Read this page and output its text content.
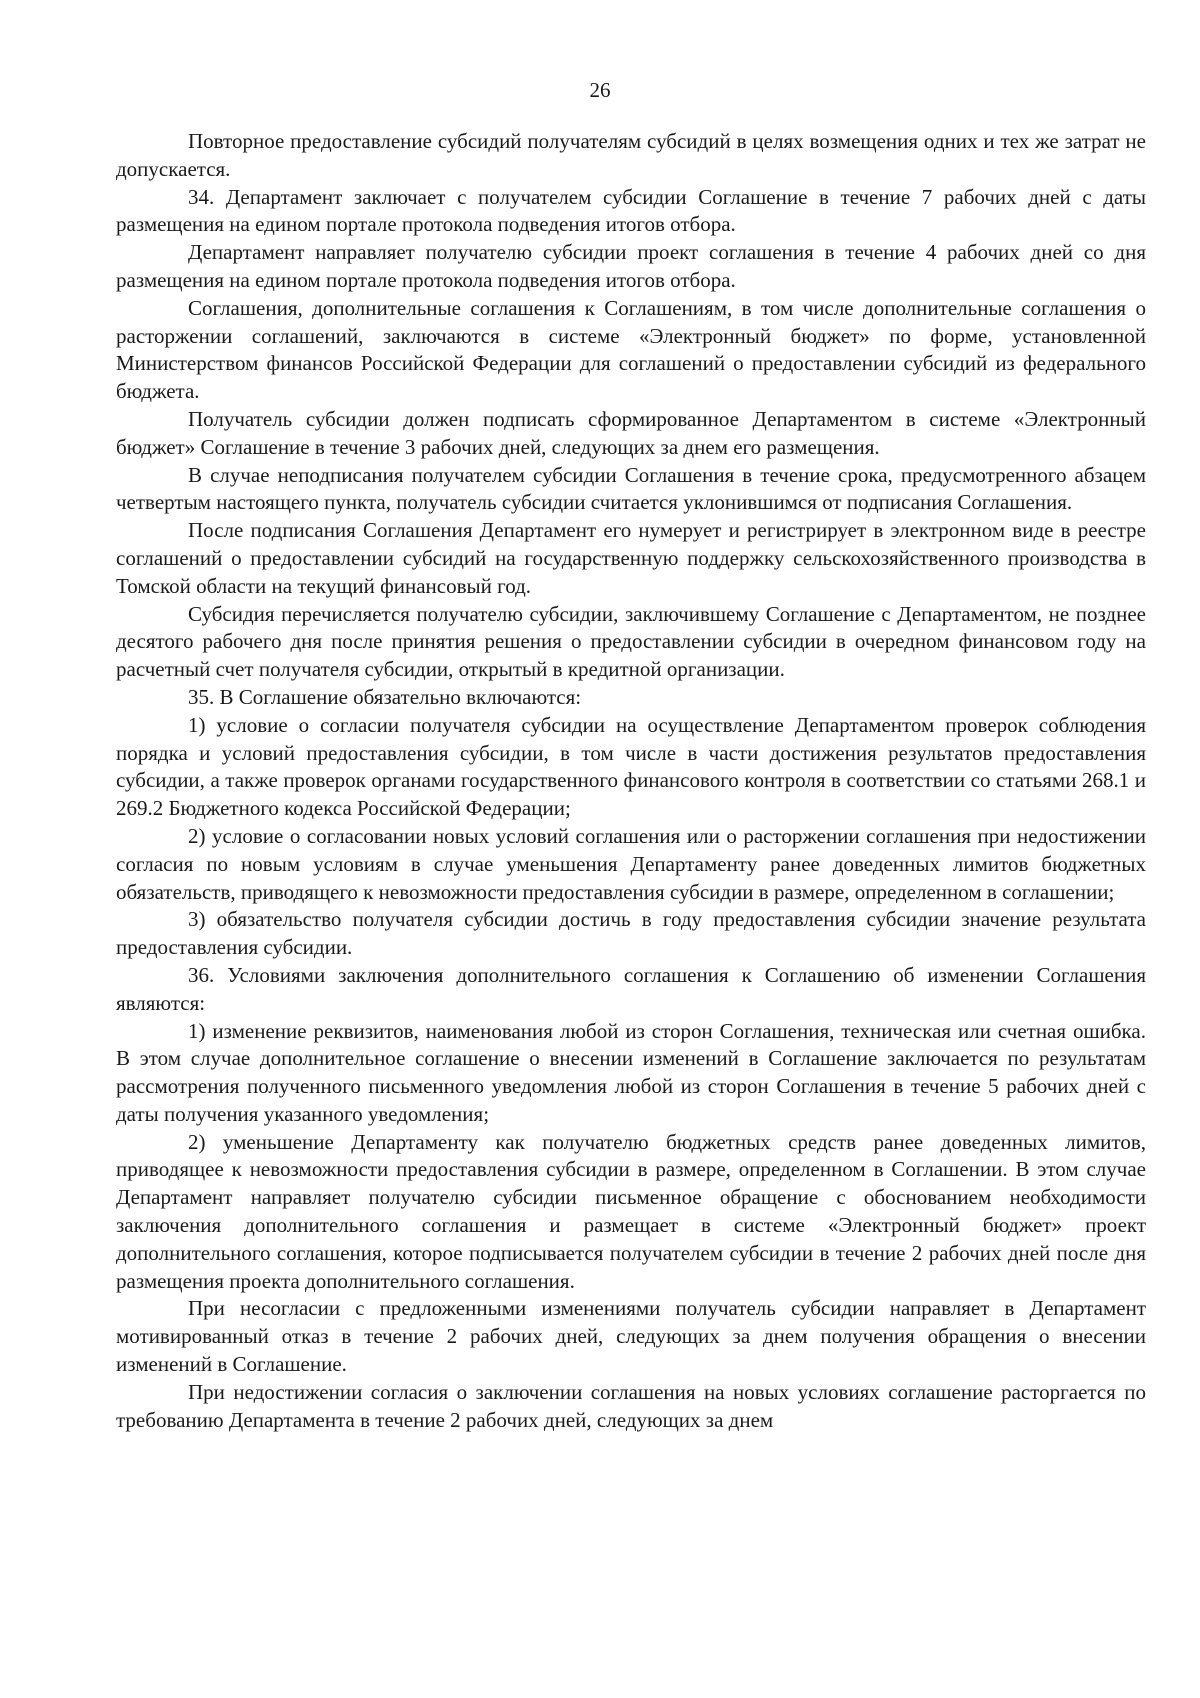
26

Повторное предоставление субсидий получателям субсидий в целях возмещения одних и тех же затрат не допускается.

34. Департамент заключает с получателем субсидии Соглашение в течение 7 рабочих дней с даты размещения на едином портале протокола подведения итогов отбора.

Департамент направляет получателю субсидии проект соглашения в течение 4 рабочих дней со дня размещения на едином портале протокола подведения итогов отбора.

Соглашения, дополнительные соглашения к Соглашениям, в том числе дополнительные соглашения о расторжении соглашений, заключаются в системе «Электронный бюджет» по форме, установленной Министерством финансов Российской Федерации для соглашений о предоставлении субсидий из федерального бюджета.

Получатель субсидии должен подписать сформированное Департаментом в системе «Электронный бюджет» Соглашение в течение 3 рабочих дней, следующих за днем его размещения.

В случае неподписания получателем субсидии Соглашения в течение срока, предусмотренного абзацем четвертым настоящего пункта, получатель субсидии считается уклонившимся от подписания Соглашения.

После подписания Соглашения Департамент его нумерует и регистрирует в электронном виде в реестре соглашений о предоставлении субсидий на государственную поддержку сельскохозяйственного производства в Томской области на текущий финансовый год.

Субсидия перечисляется получателю субсидии, заключившему Соглашение с Департаментом, не позднее десятого рабочего дня после принятия решения о предоставлении субсидии в очередном финансовом году на расчетный счет получателя субсидии, открытый в кредитной организации.

35. В Соглашение обязательно включаются:

1) условие о согласии получателя субсидии на осуществление Департаментом проверок соблюдения порядка и условий предоставления субсидии, в том числе в части достижения результатов предоставления субсидии, а также проверок органами государственного финансового контроля в соответствии со статьями 268.1 и 269.2 Бюджетного кодекса Российской Федерации;

2) условие о согласовании новых условий соглашения или о расторжении соглашения при недостижении согласия по новым условиям в случае уменьшения Департаменту ранее доведенных лимитов бюджетных обязательств, приводящего к невозможности предоставления субсидии в размере, определенном в соглашении;

3) обязательство получателя субсидии достичь в году предоставления субсидии значение результата предоставления субсидии.

36. Условиями заключения дополнительного соглашения к Соглашению об изменении Соглашения являются:

1) изменение реквизитов, наименования любой из сторон Соглашения, техническая или счетная ошибка. В этом случае дополнительное соглашение о внесении изменений в Соглашение заключается по результатам рассмотрения полученного письменного уведомления любой из сторон Соглашения в течение 5 рабочих дней с даты получения указанного уведомления;

2) уменьшение Департаменту как получателю бюджетных средств ранее доведенных лимитов, приводящее к невозможности предоставления субсидии в размере, определенном в Соглашении. В этом случае Департамент направляет получателю субсидии письменное обращение с обоснованием необходимости заключения дополнительного соглашения и размещает в системе «Электронный бюджет» проект дополнительного соглашения, которое подписывается получателем субсидии в течение 2 рабочих дней после дня размещения проекта дополнительного соглашения.

При несогласии с предложенными изменениями получатель субсидии направляет в Департамент мотивированный отказ в течение 2 рабочих дней, следующих за днем получения обращения о внесении изменений в Соглашение.

При недостижении согласия о заключении соглашения на новых условиях соглашение расторгается по требованию Департамента в течение 2 рабочих дней, следующих за днем
